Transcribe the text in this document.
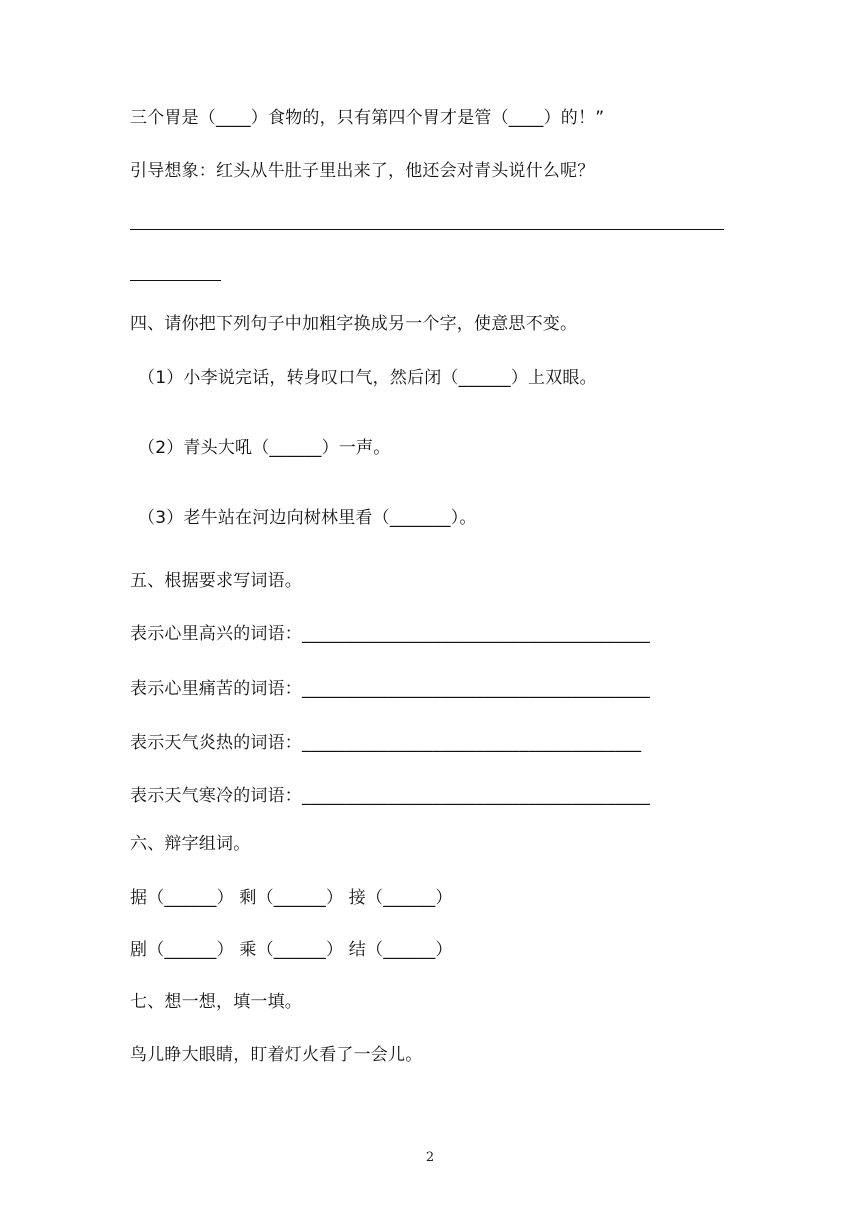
三个胃是（____）食物的，只有第四个胃才是管（____）的！”
引导想象：红头从牛肚子里出来了，他还会对青头说什么呢？
四、请你把下列句子中加粗字换成另一个字，使意思不变。
（1）小李说完话，转身叹口气，然后闭（______）上双眼。
（2）青头大吼（______）一声。
（3）老牛站在河边向树林里看（_______）。
五、根据要求写词语。
表示心里高兴的词语：________________________________________
表示心里痛苦的词语：________________________________________
表示天气炎热的词语：_______________________________________
表示天气寒冷的词语：________________________________________
六、辩字组词。
据（______） 剩（______） 接（______）
剧（______） 乘（______） 结（______）
七、想一想，填一填。
鸟儿睁大眼睛，盯着灯火看了一会儿。
2
